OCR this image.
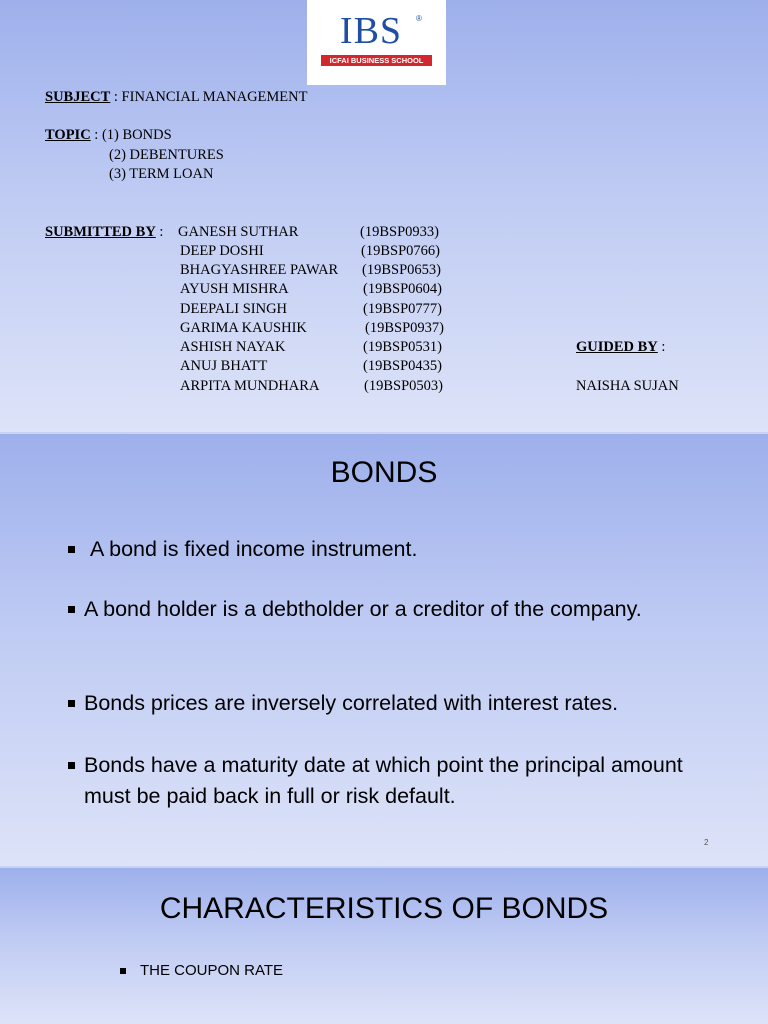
IBS	®
ICFAI BUSINESS SCHOOL
SUBJECT : FINANCIAL MANAGEMENT
TOPIC : (1) BONDS
(2) DEBENTURES
(3) TERM LOAN
SUBMITTED BY : GANESH SUTHAR
DEEP DOSHI
BHAGYASHREE PAWAR
AYUSH MISHRA
DEEPALI SINGH
GARIMA KAUSHIK
ASHISH NAYAK
ANUJ BHATT
ARPITA MUNDHARA
(19BSP0933)
(19BSP0766)
(19BSP0653)
(19BSP0604)
(19BSP0777)
(19BSP0937)
(19BSP0531)
(19BSP0435)
(19BSP0503)
GUIDED BY :
NAISHA SUJAN
BONDS
A bond is fixed income instrument.
A bond holder is a debtholder or a creditor of the company.
Bonds prices are inversely correlated with interest rates.
Bonds have a maturity date at which point the principal amount must be paid back in full or risk default.
2
CHARACTERISTICS OF BONDS
THE COUPON RATE
